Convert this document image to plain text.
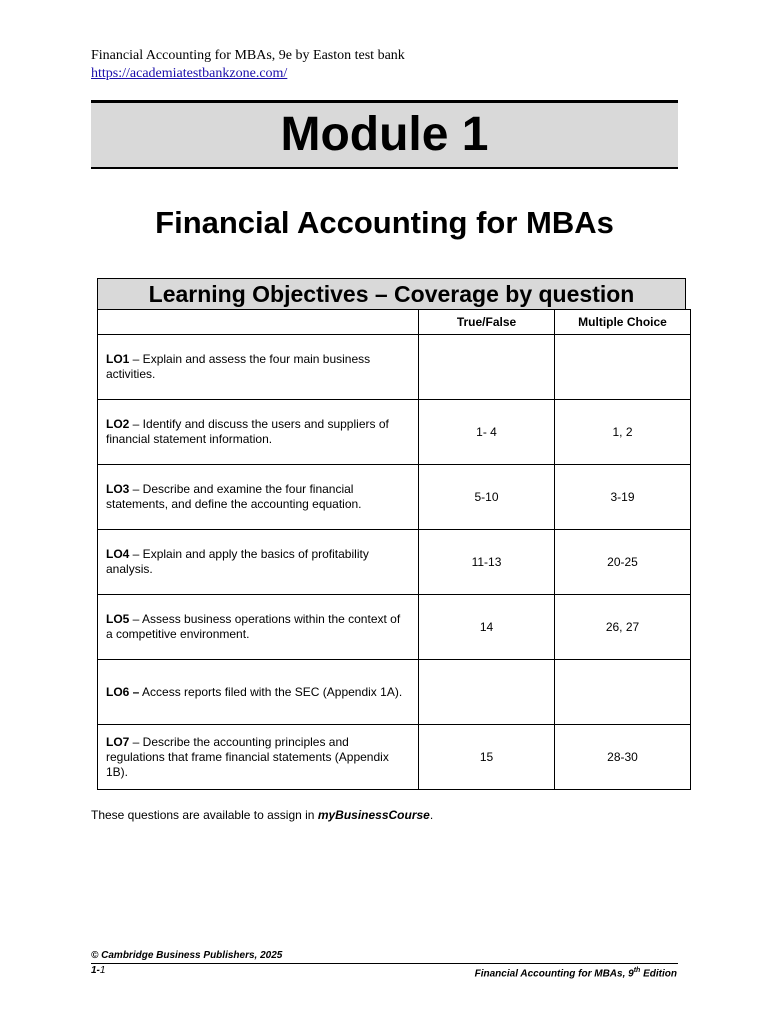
Financial Accounting for MBAs, 9e by Easton test bank
https://academiatestbankzone.com/
Module 1
Financial Accounting for MBAs
Learning Objectives – Coverage by question
	True/False	Multiple Choice
LO1 – Explain and assess the four main business activities.		
LO2 – Identify and discuss the users and suppliers of financial statement information.	1- 4	1, 2
LO3 – Describe and examine the four financial statements, and define the accounting equation.	5-10	3-19
LO4 – Explain and apply the basics of profitability analysis.	11-13	20-25
LO5 – Assess business operations within the context of a competitive environment.	14	26, 27
LO6 – Access reports filed with the SEC (Appendix 1A).		
LO7 – Describe the accounting principles and regulations that frame financial statements (Appendix 1B).	15	28-30
These questions are available to assign in myBusinessCourse.
© Cambridge Business Publishers, 2025
1-1	Financial Accounting for MBAs, 9th Edition
